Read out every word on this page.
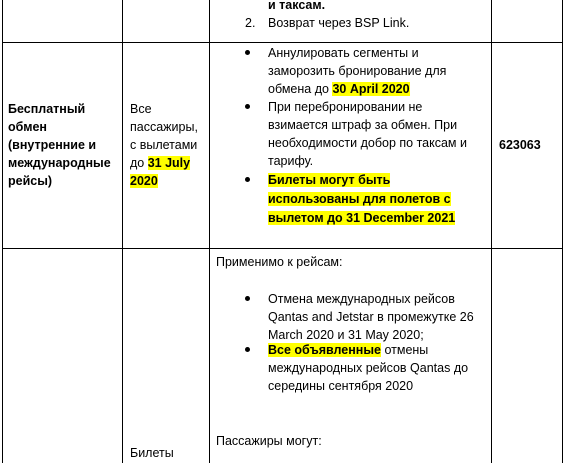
и таксам.
2. Возврат через BSP Link.
Бесплатный
обмен
(внутренние и
международные
рейсы)
Все
пассажиры,
с вылетами
до 31 July
2020
Аннулировать сегменты и
заморозить бронирование для
обмена до 30 April 2020
При перебронировании не
взимается штраф за обмен. При
необходимости добор по таксам и
тарифу.
Билеты могут быть
использованы для полетов с
вылетом до 31 December 2021
623063
Применимо к рейсам:
Отмена международных рейсов
Qantas and Jetstar в промежутке 26
March 2020 и 31 May 2020;
Все объявленные отмены
международных рейсов Qantas до
середины сентября 2020
Пассажиры могут:
Билеты
